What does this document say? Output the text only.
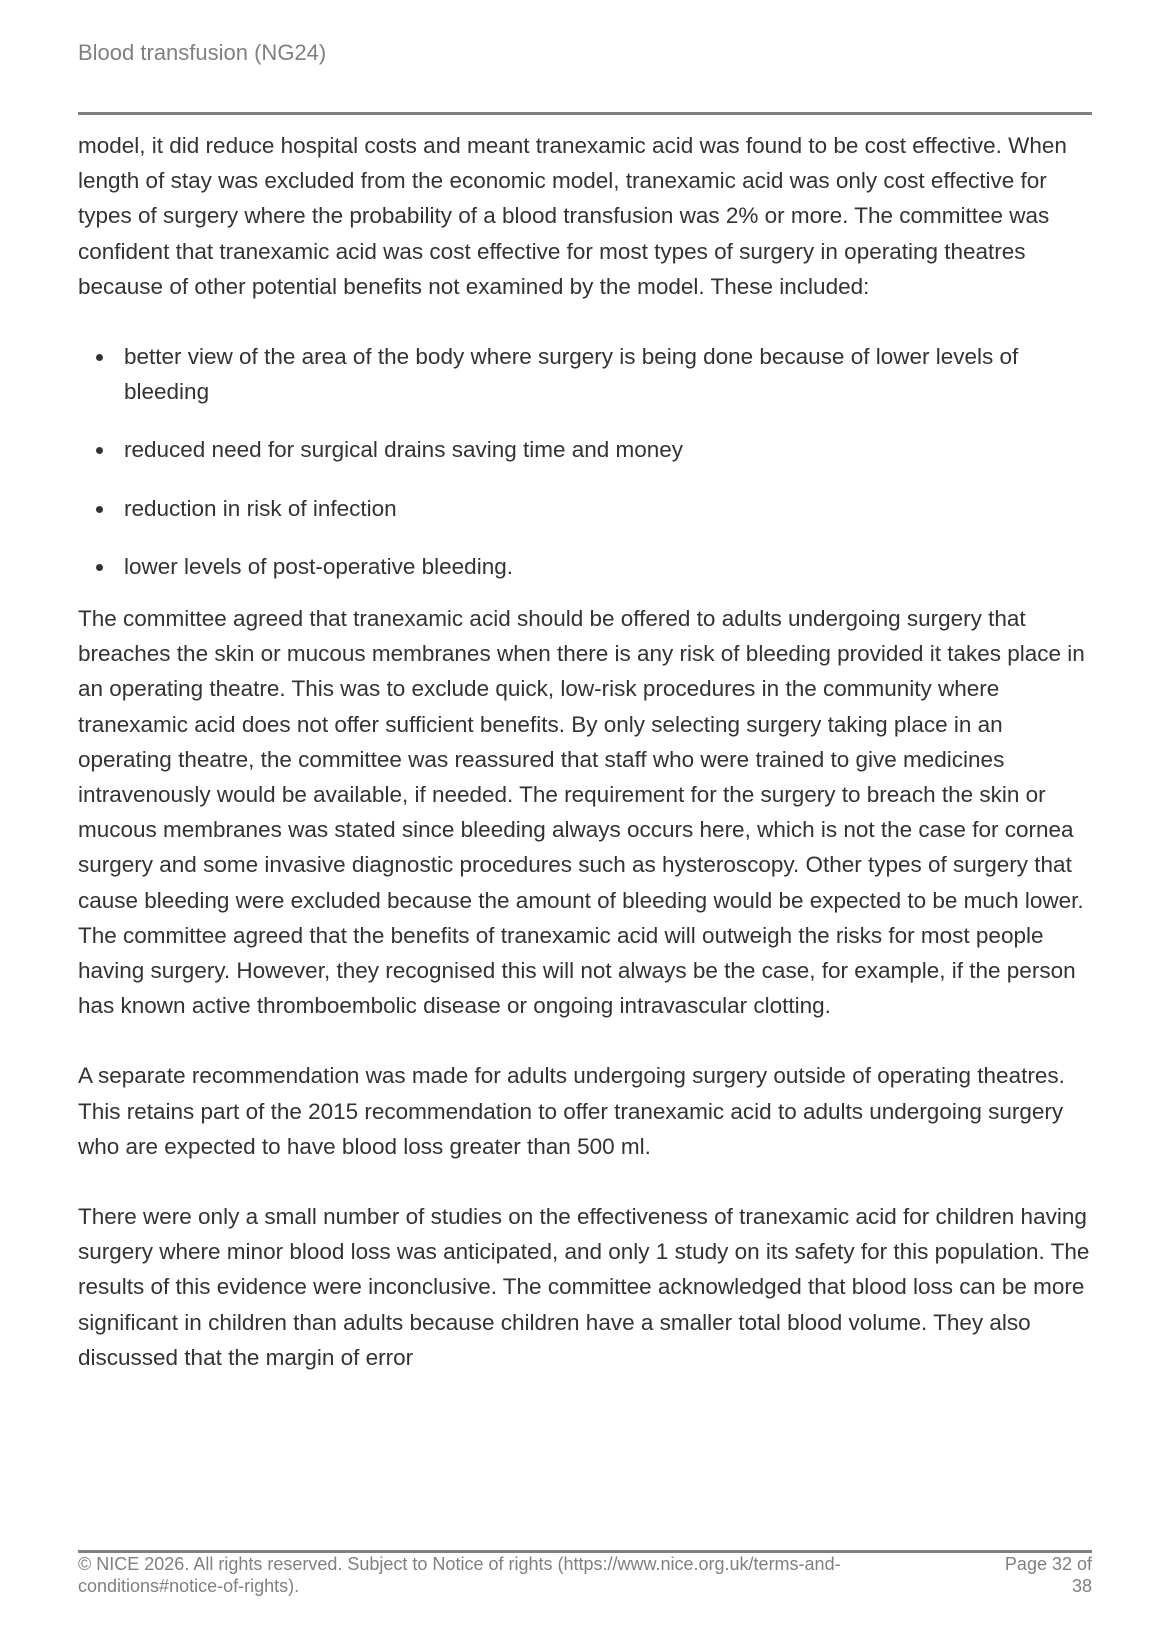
Blood transfusion (NG24)

model, it did reduce hospital costs and meant tranexamic acid was found to be cost effective. When length of stay was excluded from the economic model, tranexamic acid was only cost effective for types of surgery where the probability of a blood transfusion was 2% or more. The committee was confident that tranexamic acid was cost effective for most types of surgery in operating theatres because of other potential benefits not examined by the model. These included:

better view of the area of the body where surgery is being done because of lower levels of bleeding
reduced need for surgical drains saving time and money
reduction in risk of infection
lower levels of post-operative bleeding.

The committee agreed that tranexamic acid should be offered to adults undergoing surgery that breaches the skin or mucous membranes when there is any risk of bleeding provided it takes place in an operating theatre. This was to exclude quick, low-risk procedures in the community where tranexamic acid does not offer sufficient benefits. By only selecting surgery taking place in an operating theatre, the committee was reassured that staff who were trained to give medicines intravenously would be available, if needed. The requirement for the surgery to breach the skin or mucous membranes was stated since bleeding always occurs here, which is not the case for cornea surgery and some invasive diagnostic procedures such as hysteroscopy. Other types of surgery that cause bleeding were excluded because the amount of bleeding would be expected to be much lower. The committee agreed that the benefits of tranexamic acid will outweigh the risks for most people having surgery. However, they recognised this will not always be the case, for example, if the person has known active thromboembolic disease or ongoing intravascular clotting.

A separate recommendation was made for adults undergoing surgery outside of operating theatres. This retains part of the 2015 recommendation to offer tranexamic acid to adults undergoing surgery who are expected to have blood loss greater than 500 ml.

There were only a small number of studies on the effectiveness of tranexamic acid for children having surgery where minor blood loss was anticipated, and only 1 study on its safety for this population. The results of this evidence were inconclusive. The committee acknowledged that blood loss can be more significant in children than adults because children have a smaller total blood volume. They also discussed that the margin of error

© NICE 2026. All rights reserved. Subject to Notice of rights (https://www.nice.org.uk/terms-and-conditions#notice-of-rights).
Page 32 of 38
